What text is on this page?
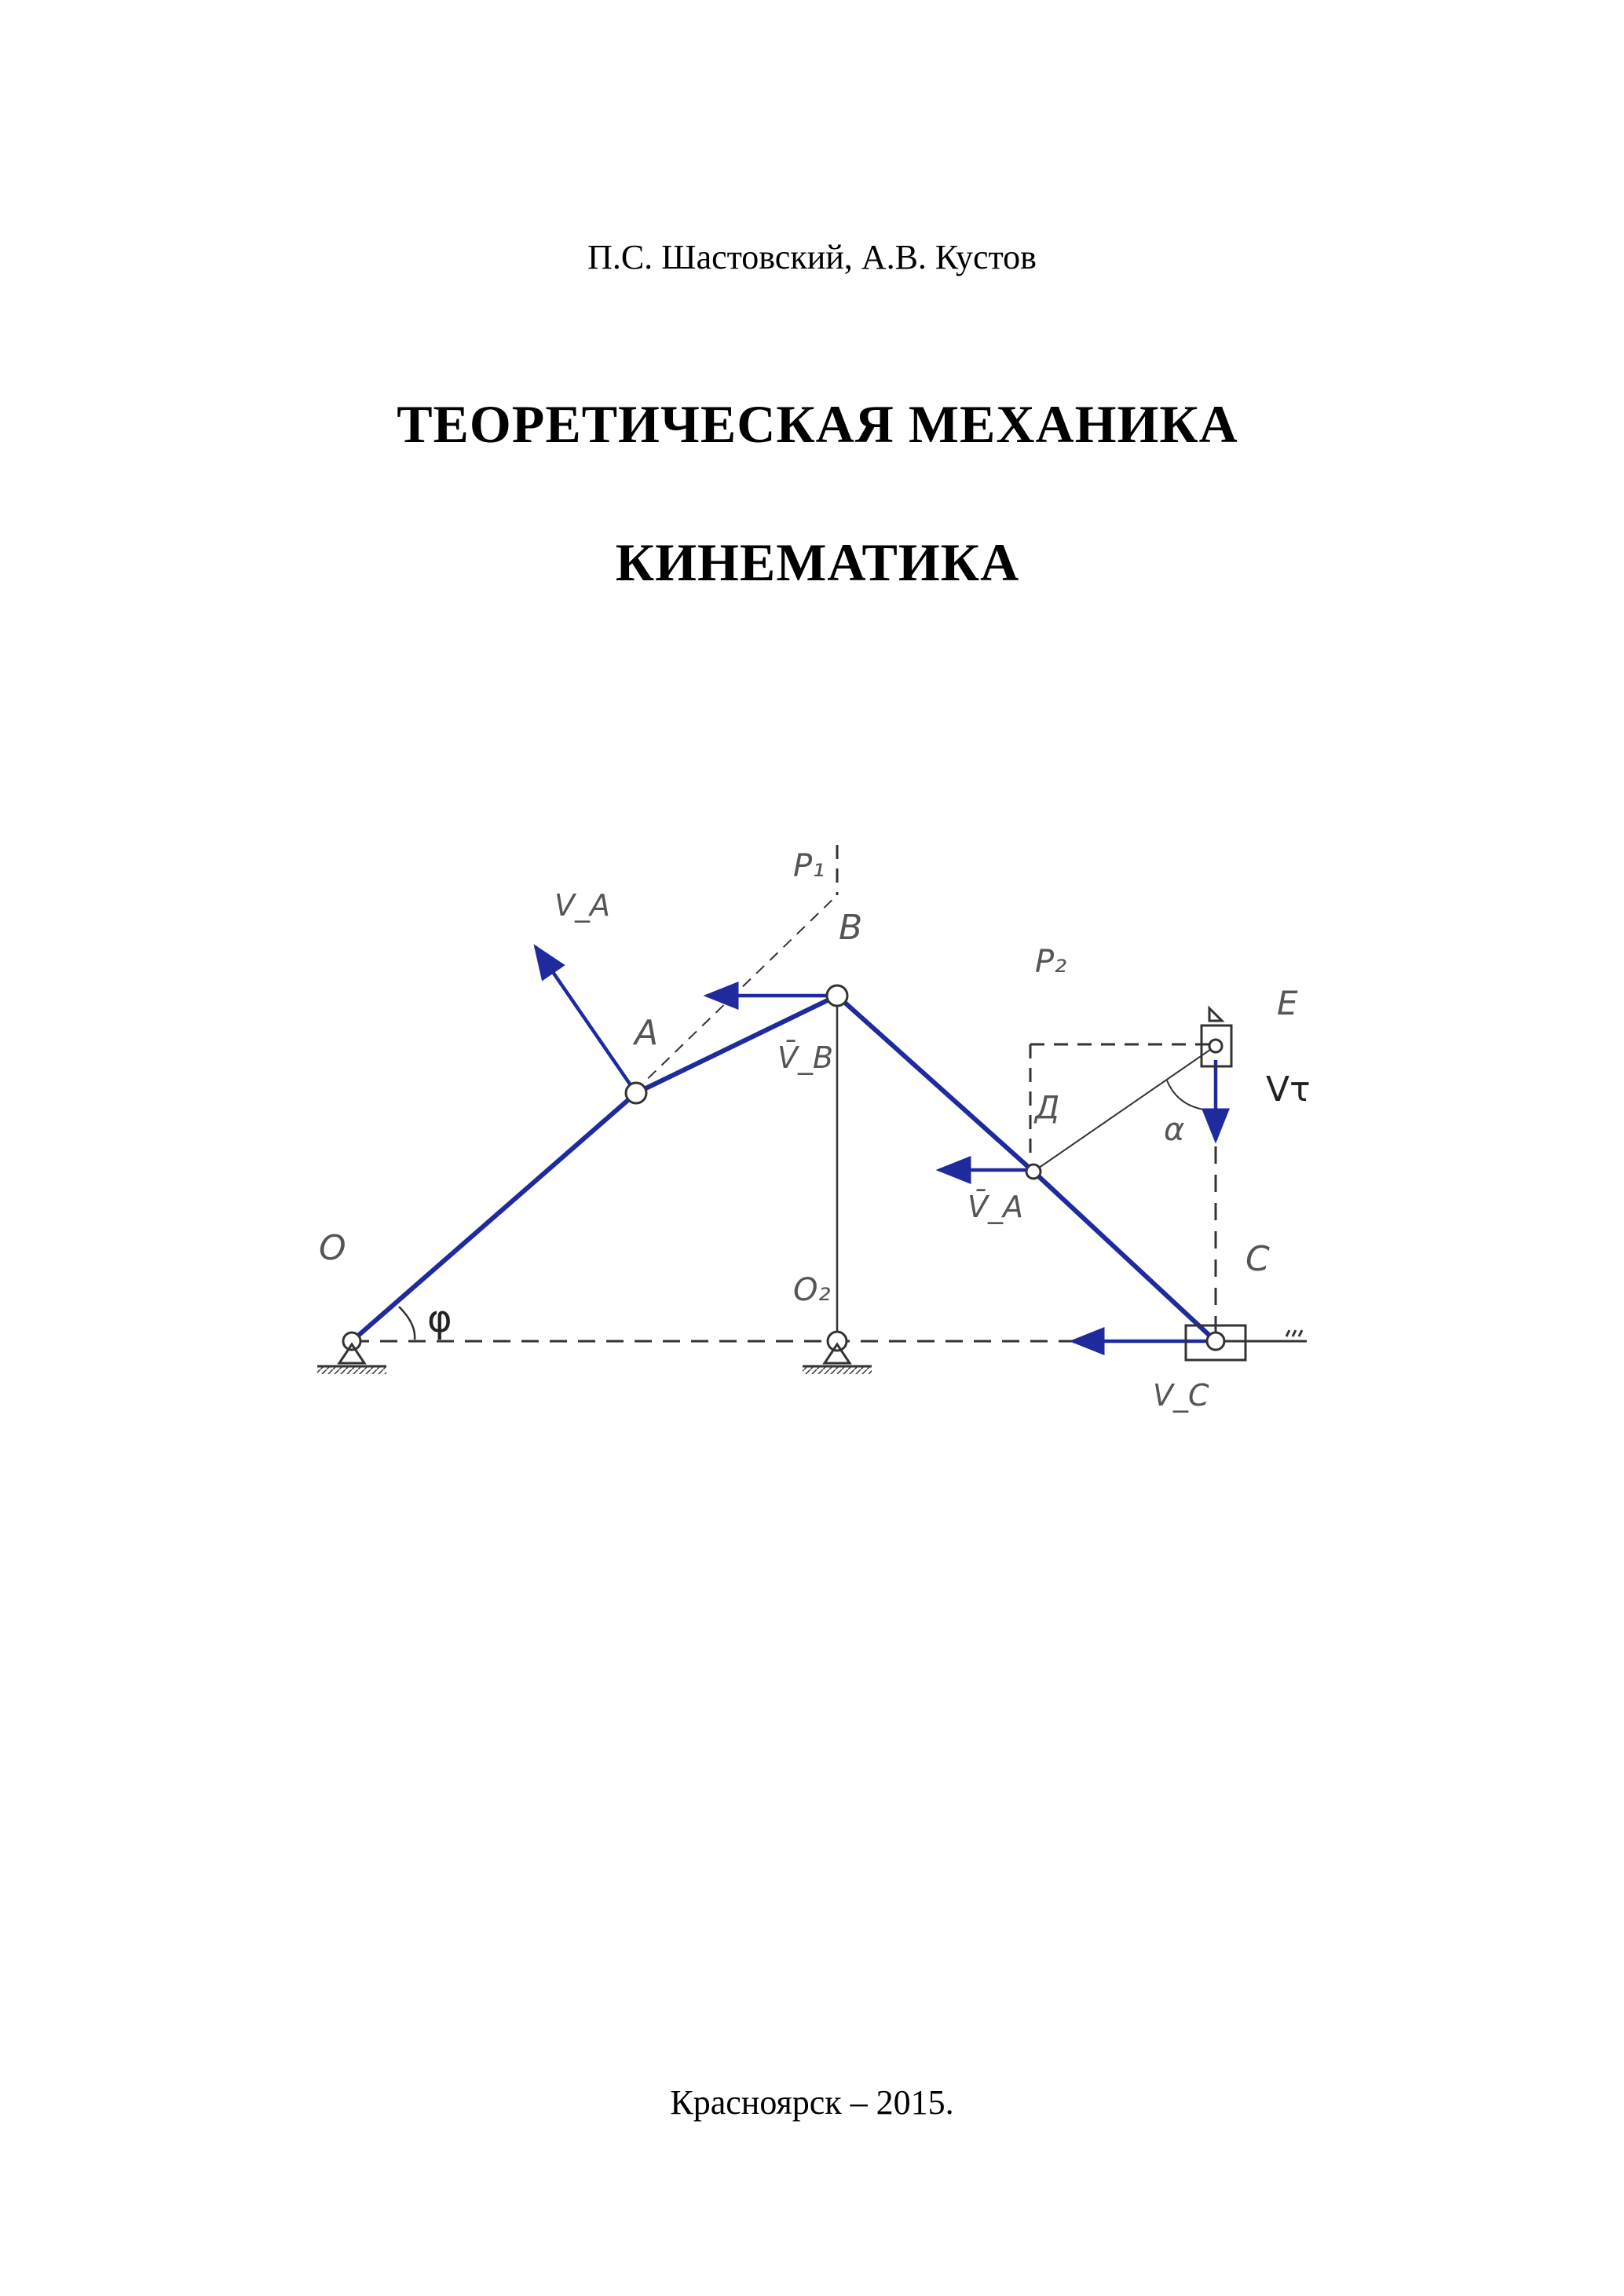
П.С. Шастовский, А.В. Кустов
ТЕОРЕТИЧЕСКАЯ МЕХАНИКА
КИНЕМАТИКА
O
A
B
C
Д
E
O₂
P₁
P₂
φ
α
V_A
V̄_B
V̄_A
V_C
Vτ
Красноярск – 2015.
